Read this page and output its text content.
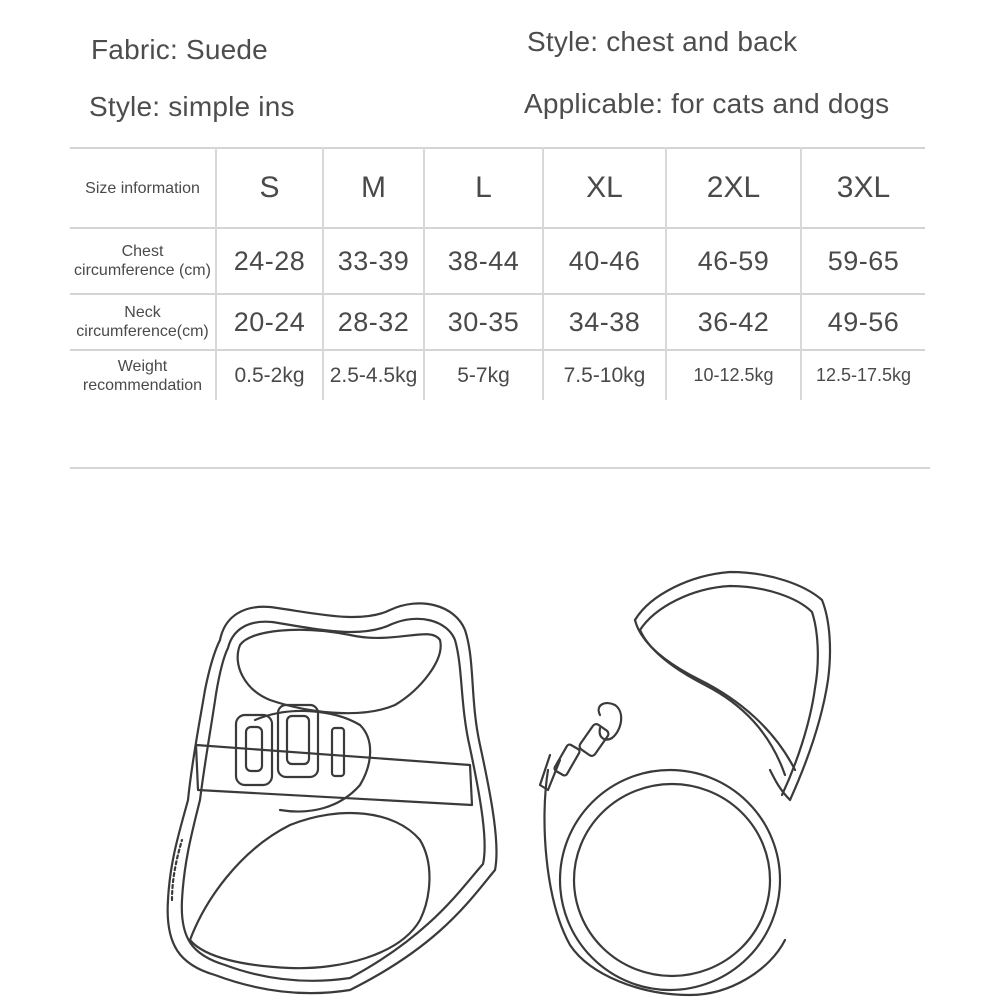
Fabric: Suede
Style: simple ins
Style: chest and back
Applicable: for cats and dogs
Size information	S	M	L	XL	2XL	3XL

Chest
circumference (cm)	24-28	33-39	38-44	40-46	46-59	59-65

Neck
circumference(cm)	20-24	28-32	30-35	34-38	36-42	49-56

Weight
recommendation	0.5-2kg	2.5-4.5kg	5-7kg	7.5-10kg	10-12.5kg	12.5-17.5kg
